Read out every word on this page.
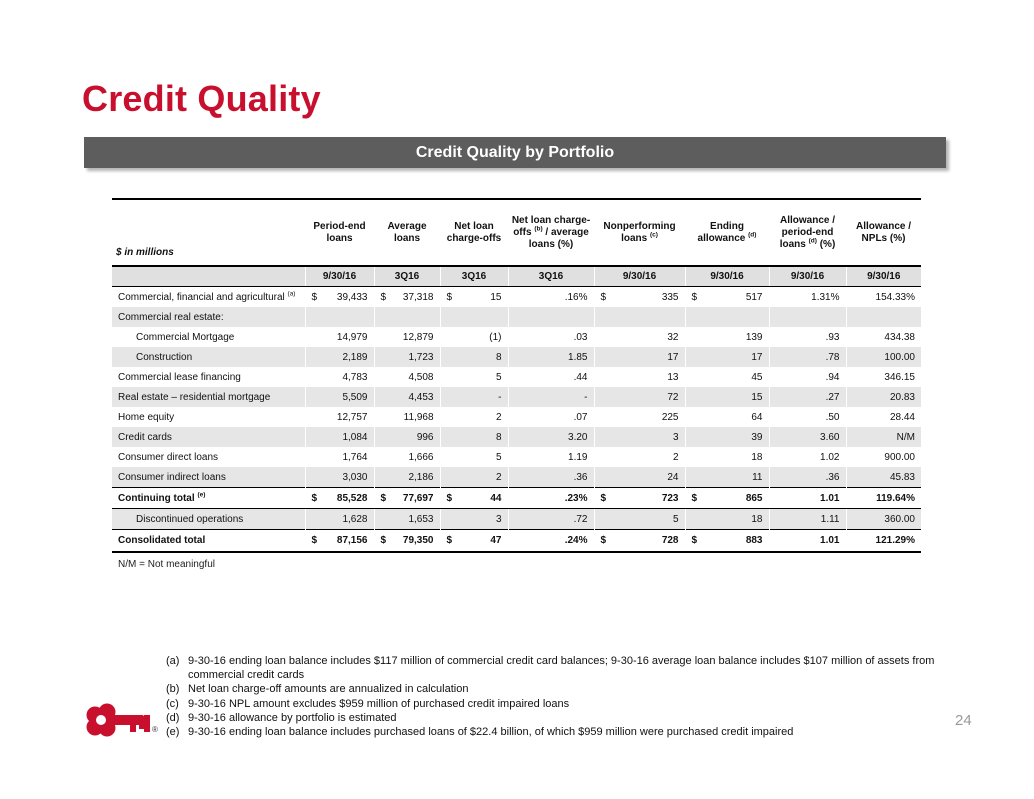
Credit Quality
Credit Quality by Portfolio
$ in millions	Period-end loans	Average loans	Net loan charge-offs	Net loan charge-offs $^{(b)}$ / average loans (%)	Nonperforming loans $^{(c)}$	Ending allowance $^{(d)}$	Allowance / period-end loans $^{(d)}$ (%)	Allowance / NPLs (%)
	9/30/16	3Q16	3Q16	3Q16	9/30/16	9/30/16	9/30/16	9/30/16
Commercial, financial and agricultural $^{(a)}$	$ 39,433	$ 37,318	$ 15	.16%	$ 335	$ 517	1.31%	154.33%
Commercial real estate:								
Commercial Mortgage	14,979	12,879	(1)	.03	32	139	.93	434.38
Construction	2,189	1,723	8	1.85	17	17	.78	100.00
Commercial lease financing	4,783	4,508	5	.44	13	45	.94	346.15
Real estate – residential mortgage	5,509	4,453	-	-	72	15	.27	20.83
Home equity	12,757	11,968	2	.07	225	64	.50	28.44
Credit cards	1,084	996	8	3.20	3	39	3.60	N/M
Consumer direct loans	1,764	1,666	5	1.19	2	18	1.02	900.00
Consumer indirect loans	3,030	2,186	2	.36	24	11	.36	45.83
Continuing total $^{(e)}$	$ 85,528	$ 77,697	$ 44	.23%	$ 723	$ 865	1.01	119.64%
Discontinued operations	1,628	1,653	3	.72	5	18	1.11	360.00
Consolidated total	$ 87,156	$ 79,350	$ 47	.24%	$ 728	$ 883	1.01	121.29%
N/M = Not meaningful
(a) 9-30-16 ending loan balance includes $117 million of commercial credit card balances; 9-30-16 average loan balance includes $107 million of assets from commercial credit cards
(b) Net loan charge-off amounts are annualized in calculation
(c) 9-30-16 NPL amount excludes $959 million of purchased credit impaired loans
(d) 9-30-16 allowance by portfolio is estimated
(e) 9-30-16 ending loan balance includes purchased loans of $22.4 billion, of which $959 million were purchased credit impaired
®
24
